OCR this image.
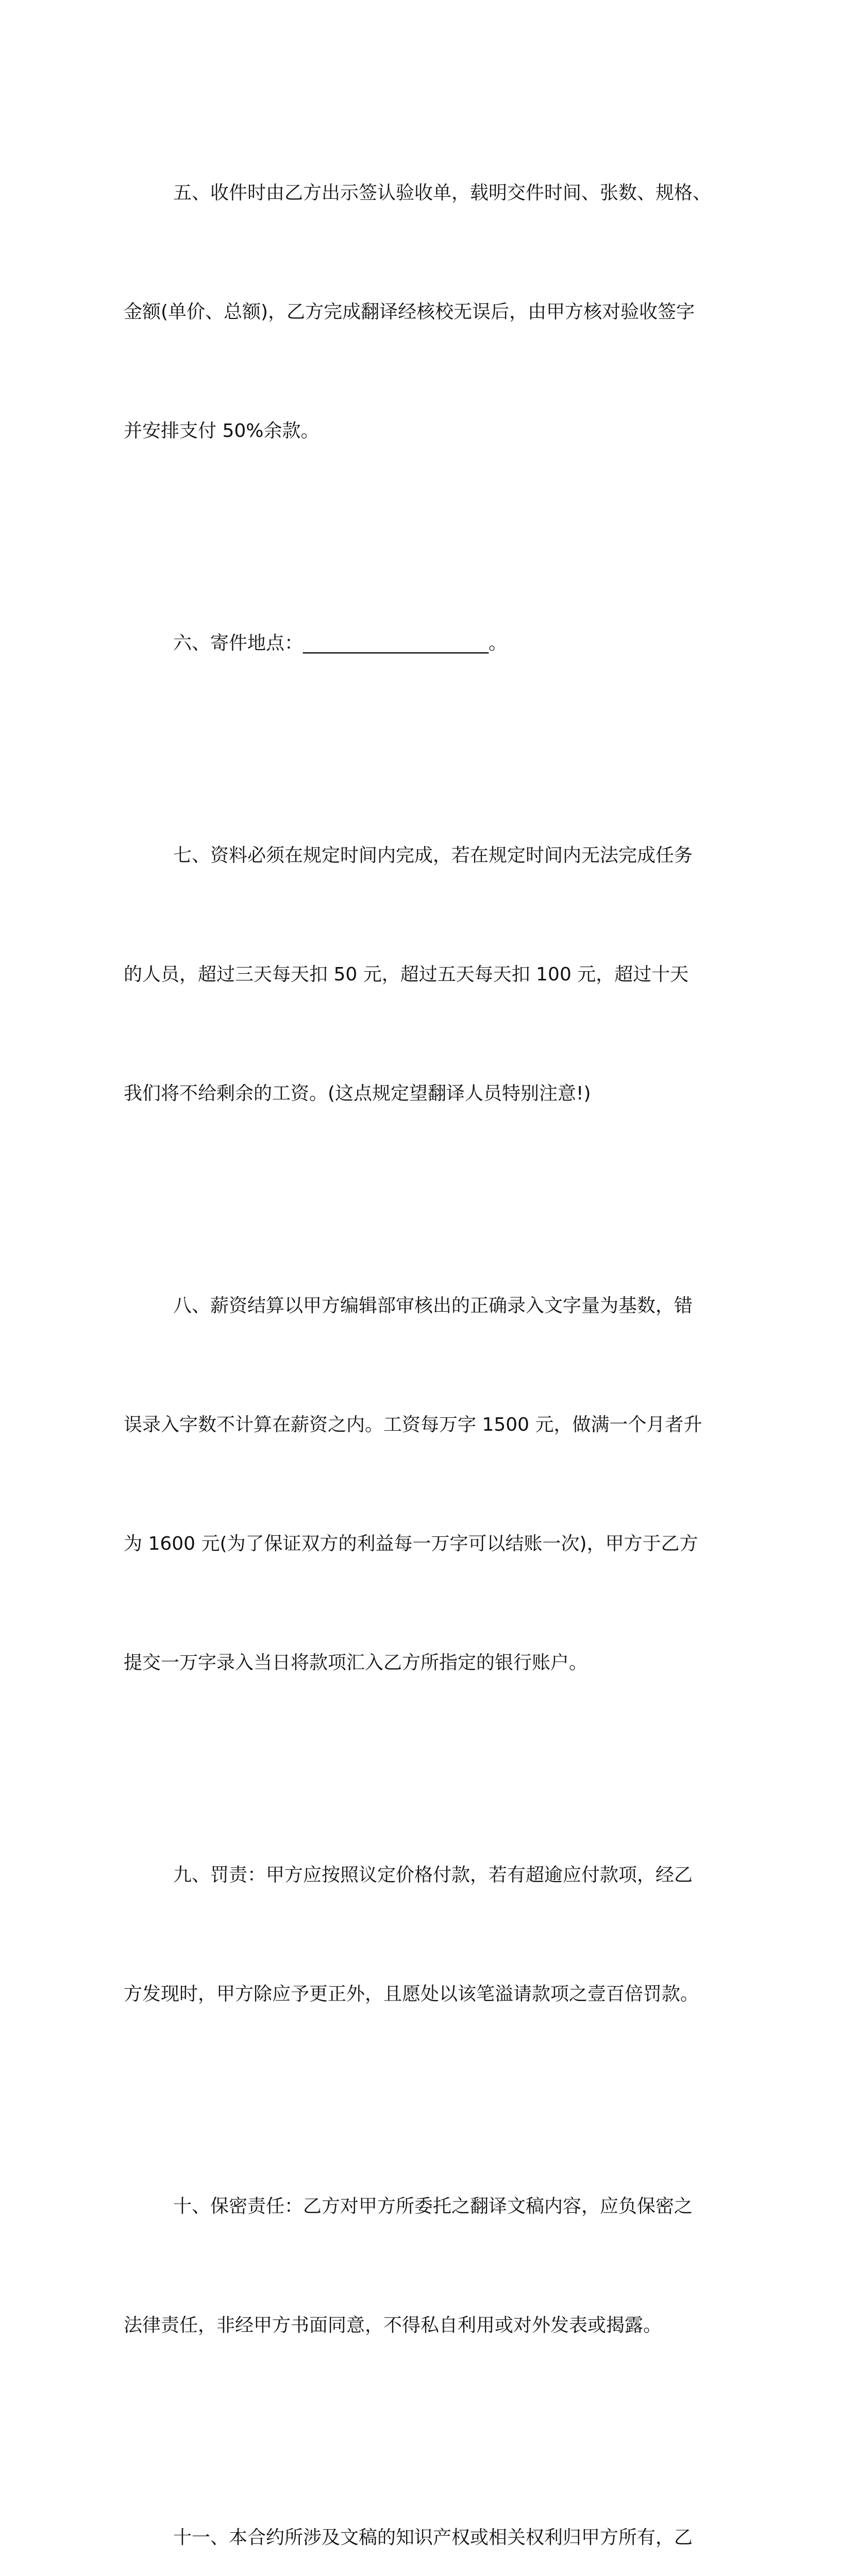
五、收件时由乙方出示签认验收单，载明交件时间、张数、规格、

金额(单价、总额)，乙方完成翻译经核校无误后，由甲方核对验收签字

并安排支付 50%余款。

六、寄件地点：____________________。

七、资料必须在规定时间内完成，若在规定时间内无法完成任务

的人员，超过三天每天扣 50 元，超过五天每天扣 100 元，超过十天

我们将不给剩余的工资。(这点规定望翻译人员特别注意!)

八、薪资结算以甲方编辑部审核出的正确录入文字量为基数，错

误录入字数不计算在薪资之内。工资每万字 1500 元，做满一个月者升

为 1600 元(为了保证双方的利益每一万字可以结账一次)，甲方于乙方

提交一万字录入当日将款项汇入乙方所指定的银行账户。

九、罚责：甲方应按照议定价格付款，若有超逾应付款项，经乙

方发现时，甲方除应予更正外，且愿处以该笔溢请款项之壹百倍罚款。

十、保密责任：乙方对甲方所委托之翻译文稿内容，应负保密之

法律责任，非经甲方书面同意，不得私自利用或对外发表或揭露。

十一、本合约所涉及文稿的知识产权或相关权利归甲方所有，乙
